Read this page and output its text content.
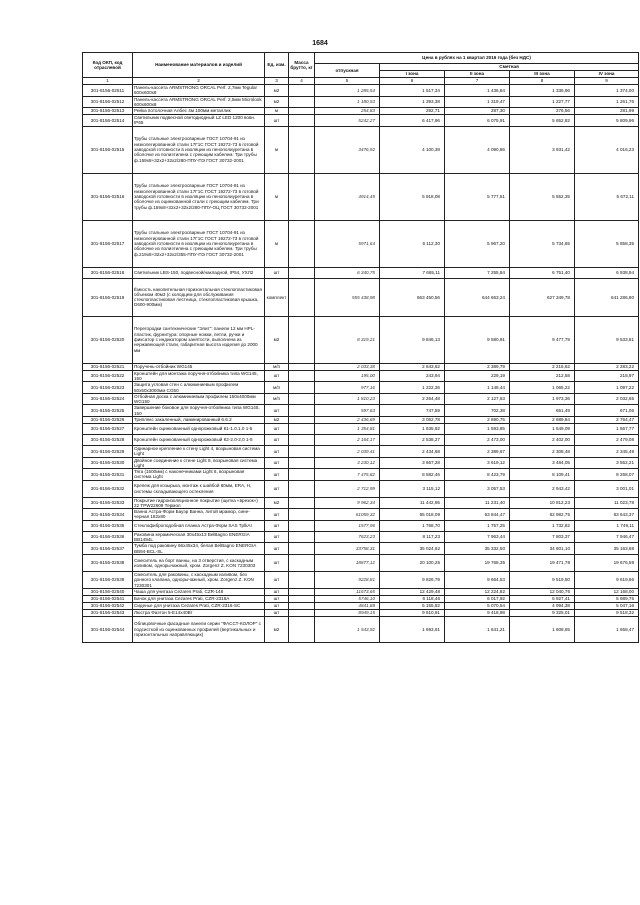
1684
Код ОКП, код отраслевой	Наименование материалов и изделий	Ед. изм.	Масса брутто, кг	Цена в рублях на 1 квартал 2016 года (без НДС)				
				отпускная	Сметная			
					I зона	II зона	III зона	IV зона
1	2	3	4	5	6	7	8	9
301-8156-02511	Панель-кассета ARMSTRONG ORCAL Perf. 2,7мм Tegular 600х600х8	м2		1 285,54	1 517,34	1 436,84	1 336,96	1 374,00
301-8156-02512	Панель-кассета ARMSTRONG ORCAL Perf. 2,5мм Microlook 600х600х8	м2		1 180,53	1 393,38	1 319,47	1 227,77	1 261,76
301-8156-02513	Рейка потолочная Албес 4м 100мм металлик	м		254,83	292,71	287,30	276,56	281,99
301-8156-02514	Светильник подвесной светодиодный LZ LED 1200 вовн. IP65	шт		5242,27	6 417,96	6 075,91	5 652,82	5 809,96
301-8156-02515	Трубы стальные электросварные ГОСТ 10704-91 из низколегированной стали 17Г1С ГОСТ 19272-73 в готовой заводской готовности в изоляции из пенополиуретана в оболочке из полиэтилена с греющим кабелем. Три трубы ф.159х8+32х2+32х2/280-ППУ-ПЭ ГОСТ 30732-2001	м		3476,92	4 100,38	4 090,86	3 931,42	4 016,23
301-8156-02516	Трубы стальные электросварные ГОСТ 10704-91 из низколегированной стали 17Г1С ГОСТ 19272-73 в готовой заводской готовности в изоляции из пенополиуретана в оболочке из оцинкованной стали с греющим кабелем. Три трубы ф.159х8+32х2+32х2/280-ППУ-ОЦ ГОСТ 30732-2001	м		4914,45	5 918,08	5 777,51	5 552,35	5 672,11
301-8156-02517	Трубы стальные электросварные ГОСТ 10704-91 из низколегированной стали 17Г1С ГОСТ 19272-73 в готовой заводской готовности в изоляции из пенополиуретана в оболочке из полиэтилена с греющим кабелем. Три трубы ф.219х8+32х2+32х2/355-ППУ-ПЭ ГОСТ 30732-2001	м		5971,64	6 112,30	5 967,20	5 734,65	5 858,35
301-8156-02518	Светильник LBS-150, подвесной/накладной, IP54, УХЛ2	шт		6 340,75	7 665,11	7 255,84	6 751,40	6 938,94
301-8156-02519	Ёмкость накопительная горизонтальная стеклопластиковая объемом 40м3 (с колодцем для обслуживания стеклопластиковая лестница, стеклопластиковая крышка, D600-900мм)	комплект		555 438,98	663 450,56	644 663,24	627 349,78	641 286,80
301-8156-02520	Перегородки сантехнические "Элит": панели 12 мм HPL-пластик, фурнитура: опорные ножки, петли, ручки и фиксатор с индикатором занятости, выполнена из нержавеющей стали, габаритная высота изделия до 2000 мм	м2		8 319,21	9 846,13	9 580,91	9 477,79	9 533,81
301-8156-02521	Поручень-отбойник WG145	м/п		2 033,38	2 843,62	2 389,79	2 216,62	2 283,22
301-8156-02522	Кронштейн для монтажа поручня-отбойника типа WG145, 150	шт		195,00	243,94	229,19	212,58	218,97
301-8156-02523	Защита угловая стен с алюминиевым профилем 50х50х3000мм CG50	м/п		977,16	1 222,36	1 148,44	1 065,22	1 097,22
301-8156-02524	Отбойная доска с алюминиевым профилем 150х4000мм WG150	м/п		1 810,23	2 264,48	2 127,53	1 973,36	2 032,65
301-8156-02525	Завершение боковое для поручня-отбойника типа WG145, 150	шт		597,63	747,59	702,38	651,49	671,06
301-8156-02526	Триплекс закаленный, ламинированный 6.6.2	м2		2 436,69	3 052,78	2 890,75	2 689,84	2 764,47
301-8156-02527	Кронштейн оцинкованный однорожковый К1-1.0.1.0 1-5	шт		1 354,81	1 635,92	1 593,85	1 549,09	1 567,77
301-8156-02528	Кронштейн оцинкованный однорожковый К2-2.0-2,0 1-5	шт		2 164,17	2 538,27	2 473,00	2 402,00	2 479,08
301-8156-02529	Одинарное крепление к стену Light 4, возрыновая система Light	шт		2 039,41	2 434,68	2 389,67	2 308,48	2 345,49
301-8156-02530	Двойное соединение к стене Light 8, возрыновая система Light	шт		3 230,12	3 667,28	3 619,12	3 484,05	3 552,21
301-8156-02531	Тяга (1500мм) с наконечниками Light 6, возрыновая система Light	шт		7 475,82	8 582,46	8 423,79	8 109,41	8 268,07
301-8156-02532	Крепеж для козырька, монтаж к шайбой 60мм, ERA, Н, системы складывающего остекления	шт		2 712,99	3 115,12	3 057,53	2 943,42	3 001,01
301-8156-02533	Покрытие гидроизоляционное покрытие (щитка «врезок») 22 ТРW22609 Термол	м2		9 962,34	11 442,95	11 231,40	10 812,23	11 023,78
301-8156-02534	Ванна Астра-Форм Бауэр Ванна, литой мрамор, сине-черная 182х80	шт		61059,32	65 018,09	63 844,47	62 982,75	63 643,37
301-8156-02535	Стеклофиброподобная планка Астра-Форм SAS TplkAI	шт		1577,96	1 768,70	1 757,25	1 732,82	1 749,11
301-8156-02536	Раковина керамическая 30х45х13 BelBagno ENERGIA BB1494L	шт		7623,23	8 117,23	7 963,44	7 803,37	7 946,47
301-8156-02537	Тумба под раковину 66х45х34, белая BelBagno ENERGIA BB94-BCL-SL	шт		33758,31	35 024,62	35 332,50	34 601,10	35 163,68
301-8156-02538	Смеситель на борт ванны, на 3 отверстия, с каскадным изливом, однорычажный, хром. Zorgenz Z. KON 7230303	шт		18877,12	20 100,25	19 768,35	19 471,78	19 676,59
301-8156-02539	Смеситель для раковины, с каскадным изливом, без донного клапана, однорычажный, хром. Zorgenz Z. KON 7230301	шт		9228,81	9 826,79	9 664,53	9 519,50	9 619,66
301-8156-02540	Чаша для унитаза Cezares Prati, CZR-148	шт		11673,65	12 429,48	12 224,82	12 040,76	12 168,00
301-8156-02541	Бачок для унитаза Cezares Prati, CZR-2316A	шт		5746,10	6 118,46	6 017,92	5 927,41	5 989,75
301-8156-02542	Сиденье для унитаза Cezares Prati, CZR-2316-SC	шт		4841,88	5 155,82	5 070,54	4 994,38	5 047,16
301-8156-02543	Люстра Фаэтон 5-Е14х40Вт	шт		8949,15	9 610,91	9 418,98	9 325,01	9 518,32
301-8156-02544	Облицовочные фасадные панели серии "ФАССТ-КОЛОР" с подсисткой из оцинкованных профилей (вертикальных и горизонтальных направляющих)	м2		1 543,92	1 693,61	1 641,21	1 608,65	1 658,47
